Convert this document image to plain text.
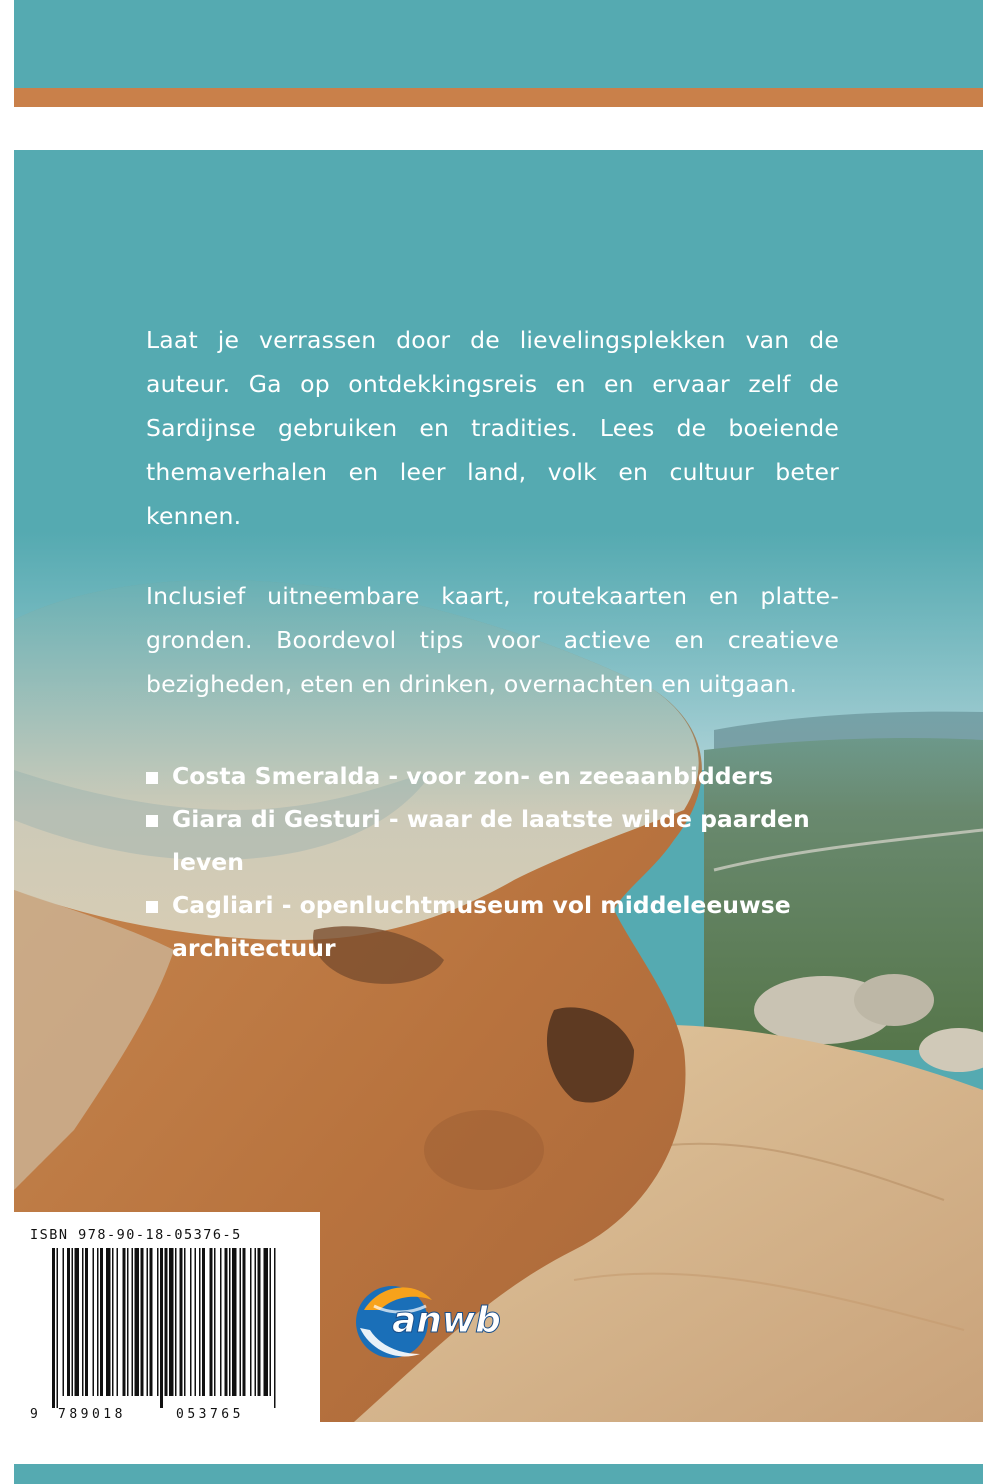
Laat je verrassen door de lievelingsplekken van de auteur. Ga op ontdekkingsreis en en ervaar zelf de Sardijnse gebruiken en tradities. Lees de boeiende themaverhalen en leer land, volk en cultuur beter kennen.

Inclusief uitneembare kaart, routekaarten en platte-gronden. Boordevol tips voor actieve en creatieve bezigheden, eten en drinken, overnachten en uitgaan.

Costa Smeralda - voor zon- en zeeaanbidders
Giara di Gesturi - waar de laatste wilde paarden leven
Cagliari - openluchtmuseum vol middeleeuwse architectuur
ISBN 978-90-18-05376-5
9 789018	053765
anwb
